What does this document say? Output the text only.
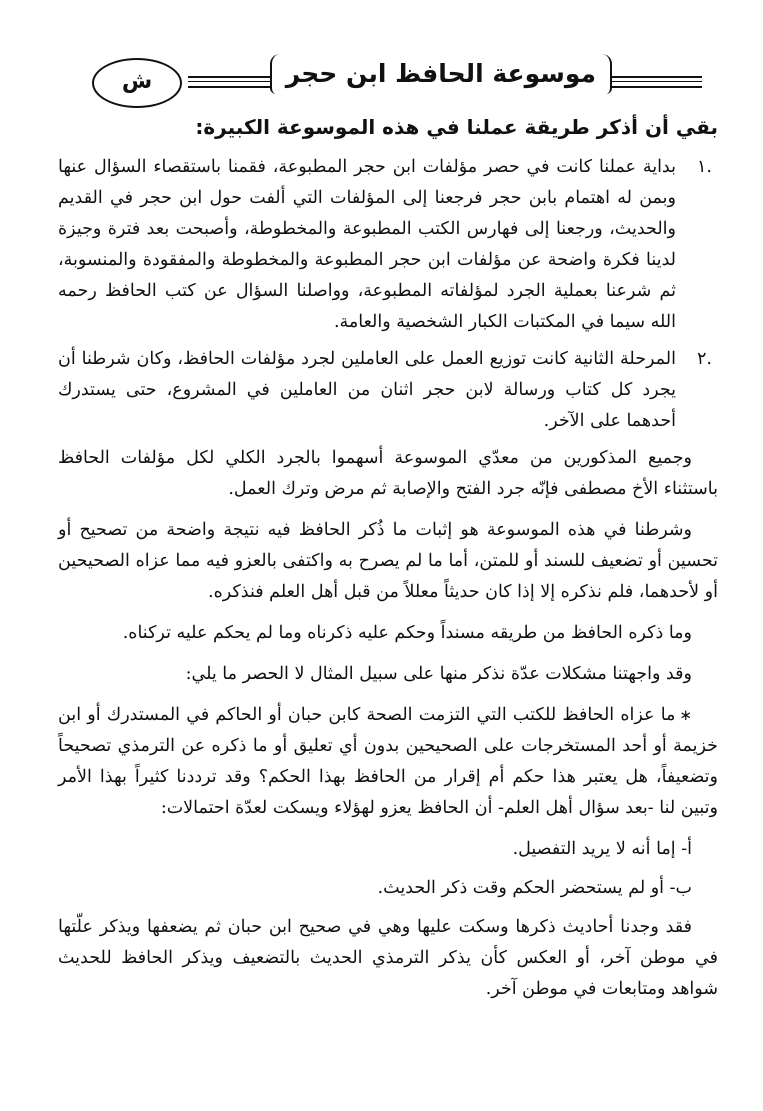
موسوعة الحافظ ابن حجر
ش
بقي أن أذكر طريقة عملنا في هذه الموسوعة الكبيرة:
.١
بداية عملنا كانت في حصر مؤلفات ابن حجر المطبوعة، فقمنا باستقصاء السؤال عنها وبمن له اهتمام بابن حجر فرجعنا إلى المؤلفات التي ألفت حول ابن حجر في القديم والحديث، ورجعنا إلى فهارس الكتب المطبوعة والمخطوطة، وأصبحت بعد فترة وجيزة لدينا فكرة واضحة عن مؤلفات ابن حجر المطبوعة والمخطوطة والمفقودة والمنسوبة، ثم شرعنا بعملية الجرد لمؤلفاته المطبوعة، وواصلنا السؤال عن كتب الحافظ رحمه الله سيما في المكتبات الكبار الشخصية والعامة.
.٢
المرحلة الثانية كانت توزيع العمل على العاملين لجرد مؤلفات الحافظ، وكان شرطنا أن يجرد كل كتاب ورسالة لابن حجر اثنان من العاملين في المشروع، حتى يستدرك أحدهما على الآخر.

وجميع المذكورين من معدّي الموسوعة أسهموا بالجرد الكلي لكل مؤلفات الحافظ باستثناء الأخ مصطفى فإنّه جرد الفتح والإصابة ثم مرض وترك العمل.

وشرطنا في هذه الموسوعة هو إثبات ما ذُكر الحافظ فيه نتيجة واضحة من تصحيح أو تحسين أو تضعيف للسند أو للمتن، أما ما لم يصرح به واكتفى بالعزو فيه مما عزاه الصحيحين أو لأحدهما، فلم نذكره إلا إذا كان حديثاً معللاً من قبل أهل العلم فنذكره.

وما ذكره الحافظ من طريقه مسنداً وحكم عليه ذكرناه وما لم يحكم عليه تركناه.

وقد واجهتنا مشكلات عدّة نذكر منها على سبيل المثال لا الحصر ما يلي:

∗ما عزاه الحافظ للكتب التي التزمت الصحة كابن حبان أو الحاكم في المستدرك أو ابن خزيمة أو أحد المستخرجات على الصحيحين بدون أي تعليق أو ما ذكره عن الترمذي تصحيحاً وتضعيفاً، هل يعتبر هذا حكم أم إقرار من الحافظ بهذا الحكم؟ وقد ترددنا كثيراً بهذا الأمر وتبين لنا -بعد سؤال أهل العلم- أن الحافظ يعزو لهؤلاء ويسكت لعدّة احتمالات:

أ- إما أنه لا يريد التفصيل.

ب- أو لم يستحضر الحكم وقت ذكر الحديث.

فقد وجدنا أحاديث ذكرها وسكت عليها وهي في صحيح ابن حبان ثم يضعفها ويذكر علّتها في موطن آخر، أو العكس كأن يذكر الترمذي الحديث بالتضعيف ويذكر الحافظ للحديث شواهد ومتابعات في موطن آخر.
